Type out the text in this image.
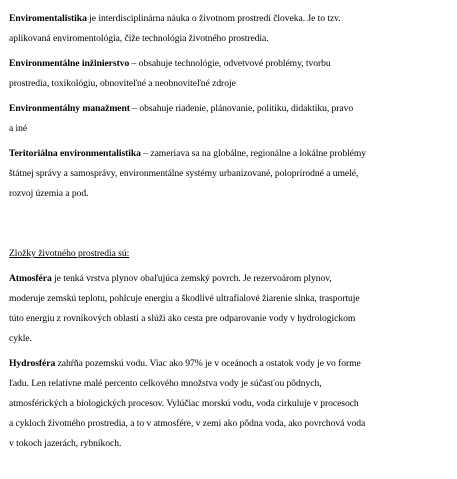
Enviromentalistika je interdisciplinárna náuka o životnom prostredí človeka. Je to tzv.
aplikovaná enviromentológia, čiže technológia životného prostredia.

Environmentálne inžinierstvo – obsahuje technológie, odvetvové problémy, tvorbu
prostredia, toxikológiu, obnoviteľné a neobnoviteľné zdroje

Environmentálny manažment – obsahuje riadenie, plánovanie, politiku, didaktiku, pravo
a iné

Teritoriálna environmentalistika – zameriava sa na globálne, regionálne a lokálne problémy
štátnej správy a samosprávy, environmentálne systémy urbanizované, poloprírodné a umelé,
rozvoj územia a pod.

Zložky životného prostredia sú:

Atmosféra je tenká vrstva plynov obaľujúca zemský povrch. Je rezervoárom plynov,
moderuje zemskú teplotu, pohlcuje energiu a škodlivé ultrafialové žiarenie slnka, trasportuje
túto energiu z rovníkových oblastí a slúži ako cesta pre odparovanie vody v hydrologickom
cykle.

Hydrosféra zahŕňa pozemskú vodu. Viac ako 97% je v oceánoch a ostatok vody je vo forme
ľadu. Len relatívne malé percento celkového množstva vody je súčasťou pôdnych,
atmosférických a biologických procesov. Vylúčiac morskú vodu, voda cirkuluje v procesoch
a cykloch životného prostredia, a to v atmosfére, v zemi ako pôdna voda, ako povrchová voda
v tokoch jazerách, rybníkoch.
